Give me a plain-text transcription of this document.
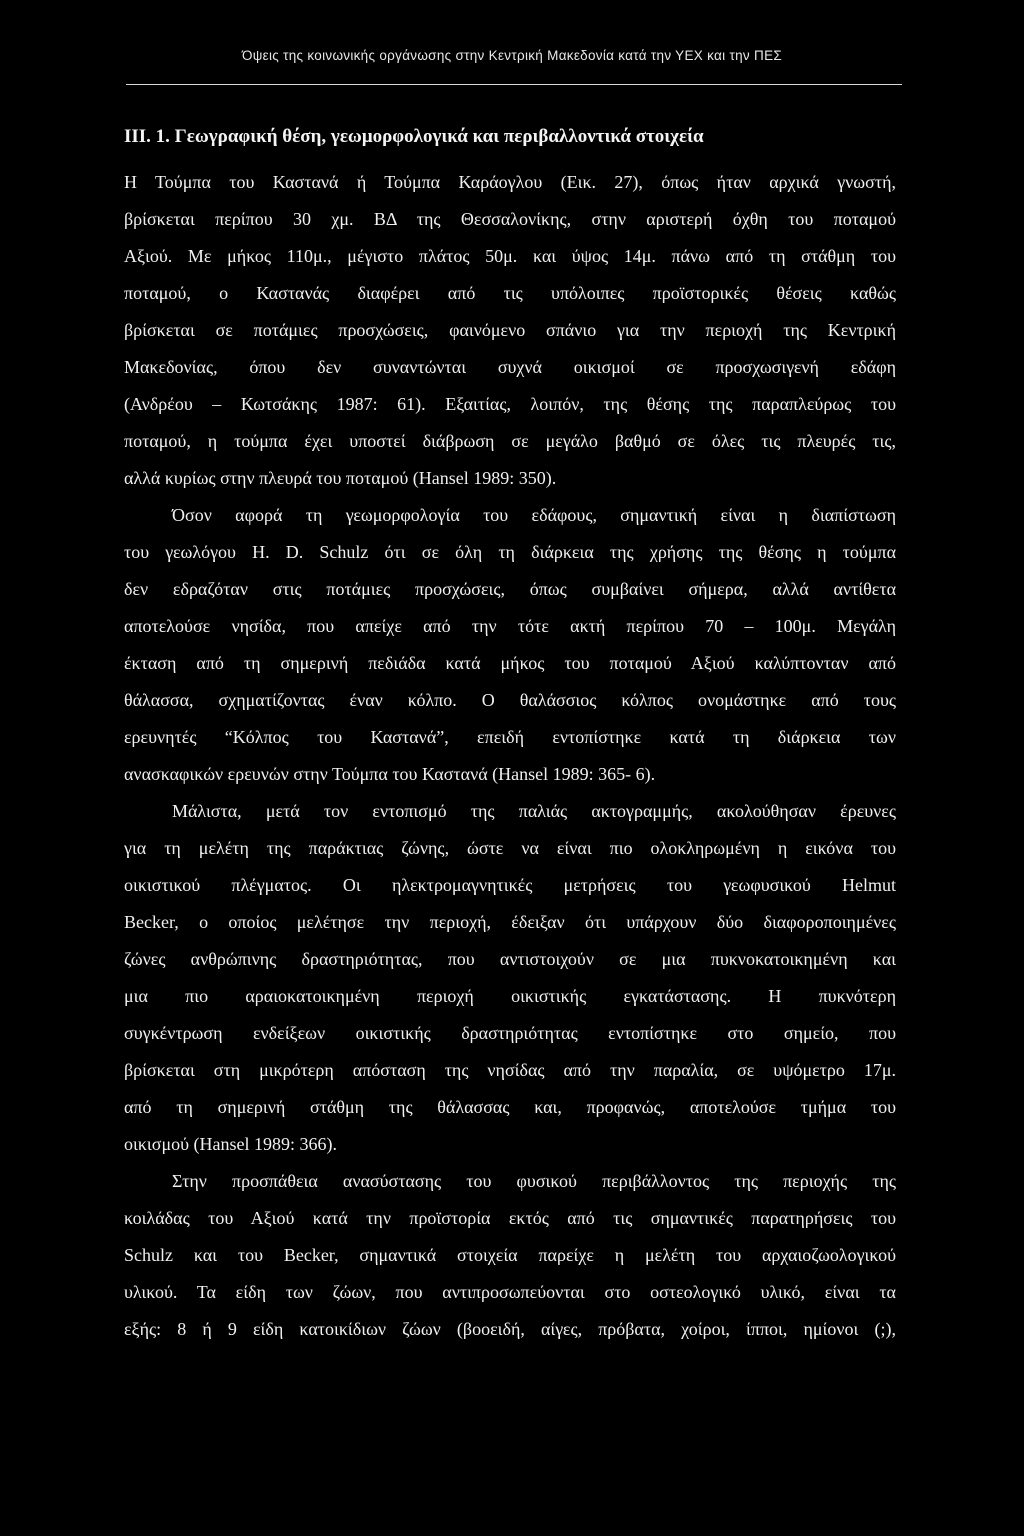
Όψεις της κοινωνικής οργάνωσης στην Κεντρική Μακεδονία κατά την ΥΕΧ και την ΠΕΣ
ΙΙΙ. 1. Γεωγραφική θέση, γεωμορφολογικά και περιβαλλοντικά στοιχεία
Η Τούμπα του Καστανά ή Τούμπα Καράογλου (Εικ. 27), όπως ήταν αρχικά γνωστή,
βρίσκεται περίπου 30 χμ. ΒΔ της Θεσσαλονίκης, στην αριστερή όχθη του ποταμού
Αξιού. Με μήκος 110μ., μέγιστο πλάτος 50μ. και ύψος 14μ. πάνω από τη στάθμη του
ποταμού, ο Καστανάς διαφέρει από τις υπόλοιπες προϊστορικές θέσεις καθώς
βρίσκεται σε ποτάμιες προσχώσεις, φαινόμενο σπάνιο για την περιοχή της Κεντρική
Μακεδονίας, όπου δεν συναντώνται συχνά οικισμοί σε προσχωσιγενή εδάφη
(Ανδρέου – Κωτσάκης 1987: 61). Εξαιτίας, λοιπόν, της θέσης της παραπλεύρως του
ποταμού, η τούμπα έχει υποστεί διάβρωση σε μεγάλο βαθμό σε όλες τις πλευρές τις,
αλλά κυρίως στην πλευρά του ποταμού (Hansel 1989: 350).
Όσον αφορά τη γεωμορφολογία του εδάφους, σημαντική είναι η διαπίστωση
του γεωλόγου H. D. Schulz ότι σε όλη τη διάρκεια της χρήσης της θέσης η τούμπα
δεν εδραζόταν στις ποτάμιες προσχώσεις, όπως συμβαίνει σήμερα, αλλά αντίθετα
αποτελούσε νησίδα, που απείχε από την τότε ακτή περίπου 70 – 100μ. Μεγάλη
έκταση από τη σημερινή πεδιάδα κατά μήκος του ποταμού Αξιού καλύπτονταν από
θάλασσα, σχηματίζοντας έναν κόλπο. Ο θαλάσσιος κόλπος ονομάστηκε από τους
ερευνητές “Κόλπος του Καστανά”, επειδή εντοπίστηκε κατά τη διάρκεια των
ανασκαφικών ερευνών στην Τούμπα του Καστανά (Hansel 1989: 365- 6).
Μάλιστα, μετά τον εντοπισμό της παλιάς ακτογραμμής, ακολούθησαν έρευνες
για τη μελέτη της παράκτιας ζώνης, ώστε να είναι πιο ολοκληρωμένη η εικόνα του
οικιστικού πλέγματος. Οι ηλεκτρομαγνητικές μετρήσεις του γεωφυσικού Helmut
Becker, ο οποίος μελέτησε την περιοχή, έδειξαν ότι υπάρχουν δύο διαφοροποιημένες
ζώνες ανθρώπινης δραστηριότητας, που αντιστοιχούν σε μια πυκνοκατοικημένη και
μια πιο αραιοκατοικημένη περιοχή οικιστικής εγκατάστασης. Η πυκνότερη
συγκέντρωση ενδείξεων οικιστικής δραστηριότητας εντοπίστηκε στο σημείο, που
βρίσκεται στη μικρότερη απόσταση της νησίδας από την παραλία, σε υψόμετρο 17μ.
από τη σημερινή στάθμη της θάλασσας και, προφανώς, αποτελούσε τμήμα του
οικισμού (Hansel 1989: 366).
Στην προσπάθεια ανασύστασης του φυσικού περιβάλλοντος της περιοχής της
κοιλάδας του Αξιού κατά την προϊστορία εκτός από τις σημαντικές παρατηρήσεις του
Schulz και του Becker, σημαντικά στοιχεία παρείχε η μελέτη του αρχαιοζωολογικού
υλικού. Τα είδη των ζώων, που αντιπροσωπεύονται στο οστεολογικό υλικό, είναι τα
εξής: 8 ή 9 είδη κατοικίδιων ζώων (βοοειδή, αίγες, πρόβατα, χοίροι, ίπποι, ημίονοι (;),
